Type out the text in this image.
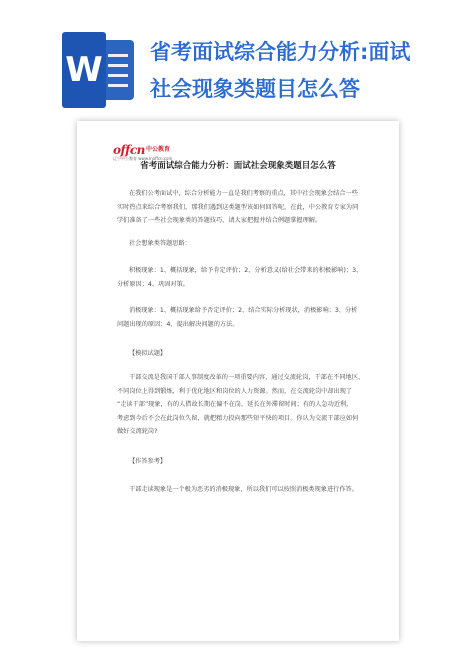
W 省考面试综合能力分析:面试
社会现象类题目怎么答
offcn 中公教育
辽宁中公教育 www.lnoffcn.com
省考面试综合能力分析：面试社会现象类题目怎么答
在我们公考面试中，综合分析能力一直是我们考察的重点，其中社会现象会结合一些
实时热点来综合考察我们，那我们遇到这类题型该如何回答呢，在此，中公教育专家为同
学们准备了一些社会现象类的答题技巧，请大家把握并结合例题掌握理解。
社会想象类答题思路：
积极现象：1、概括现象，给予肯定评价；2、分析意义(给社会带来的积极影响)；3、
分析原因；4、巩固对策。
消极现象：1、概括现象给予否定评价；2、结合实际分析现状，消极影响；3、分析
问题出现的原因；4、提出解决问题的方法。
【模拟试题】
干部交流是我国干部人事制度改革的一项重要内容，通过交流轮岗，干部在不同地区、
不同岗位上得到锻炼，利于优化地区和岗位的人力资源。然而，在交流轮岗中却出现了
“走读干部”现象，有的人借故长期在偏不在岗，延长在外滞留时间；有的人急功近利，
考虑到今后不会在此岗位久留，就把精力投向那些短平快的项目。你认为交流干部应如何
做好交流轮岗?
【作答参考】
干部走读现象是一个极为恶劣的消极现象，所以我们可以按照消极类现象进行作答。
